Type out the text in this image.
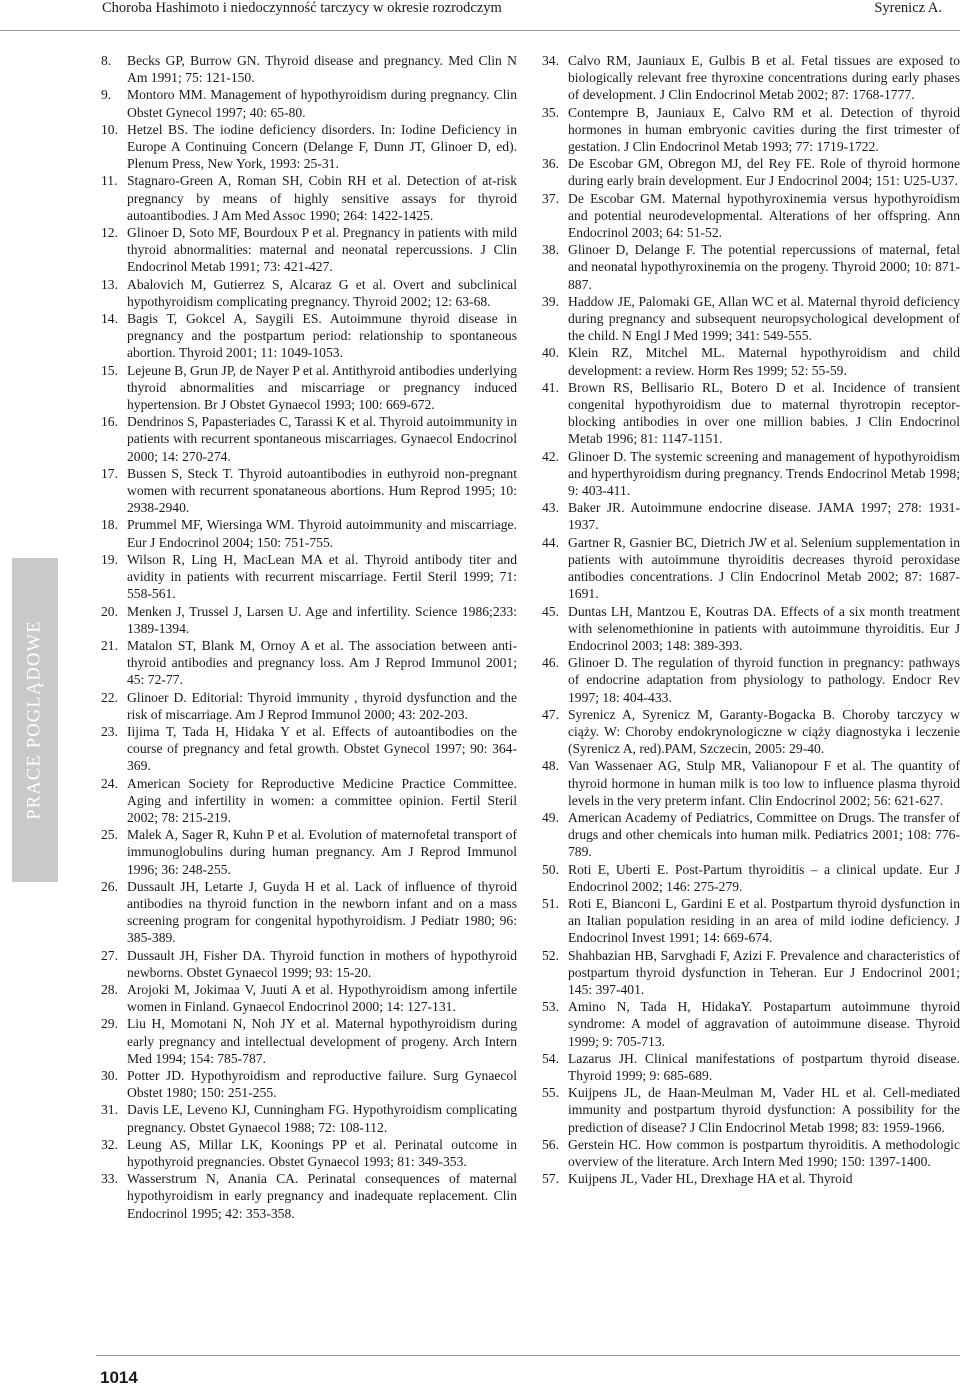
Choroba Hashimoto i niedoczynność tarczycy w okresie rozrodczym	Syrenicz A.
PRACE POGLĄDOWE
8. Becks GP, Burrow GN. Thyroid disease and pregnancy. Med Clin N Am 1991; 75: 121-150.
9. Montoro MM. Management of hypothyroidism during pregnancy. Clin Obstet Gynecol 1997; 40: 65-80.
10. Hetzel BS. The iodine deficiency disorders. In: Iodine Deficiency in Europe A Continuing Concern (Delange F, Dunn JT, Glinoer D, ed). Plenum Press, New York, 1993: 25-31.
11. Stagnaro-Green A, Roman SH, Cobin RH et al. Detection of at-risk pregnancy by means of highly sensitive assays for thyroid autoantibodies. J Am Med Assoc 1990; 264: 1422-1425.
12. Glinoer D, Soto MF, Bourdoux P et al. Pregnancy in patients with mild thyroid abnormalities: maternal and neonatal repercussions. J Clin Endocrinol Metab 1991; 73: 421-427.
13. Abalovich M, Gutierrez S, Alcaraz G et al. Overt and subclinical hypothyroidism complicating pregnancy. Thyroid 2002; 12: 63-68.
14. Bagis T, Gokcel A, Saygili ES. Autoimmune thyroid disease in pregnancy and the postpartum period: relationship to spontaneous abortion. Thyroid 2001; 11: 1049-1053.
15. Lejeune B, Grun JP, de Nayer P et al. Antithyroid antibodies underlying thyroid abnormalities and miscarriage or pregnancy induced hypertension. Br J Obstet Gynaecol 1993; 100: 669-672.
16. Dendrinos S, Papasteriades C, Tarassi K et al. Thyroid autoimmunity in patients with recurrent spontaneous miscarriages. Gynaecol Endocrinol 2000; 14: 270-274.
17. Bussen S, Steck T. Thyroid autoantibodies in euthyroid non-pregnant women with recurrent sponataneous abortions. Hum Reprod 1995; 10: 2938-2940.
18. Prummel MF, Wiersinga WM. Thyroid autoimmunity and miscarriage. Eur J Endocrinol 2004; 150: 751-755.
19. Wilson R, Ling H, MacLean MA et al. Thyroid antibody titer and avidity in patients with recurrent miscarriage. Fertil Steril 1999; 71: 558-561.
20. Menken J, Trussel J, Larsen U. Age and infertility. Science 1986;233: 1389-1394.
21. Matalon ST, Blank M, Ornoy A et al. The association between anti-thyroid antibodies and pregnancy loss. Am J Reprod Immunol 2001; 45: 72-77.
22. Glinoer D. Editorial: Thyroid immunity , thyroid dysfunction and the risk of miscarriage. Am J Reprod Immunol 2000; 43: 202-203.
23. Iijima T, Tada H, Hidaka Y et al. Effects of autoantibodies on the course of pregnancy and fetal growth. Obstet Gynecol 1997; 90: 364-369.
24. American Society for Reproductive Medicine Practice Committee. Aging and infertility in women: a committee opinion. Fertil Steril 2002; 78: 215-219.
25. Malek A, Sager R, Kuhn P et al. Evolution of maternofetal transport of immunoglobulins during human pregnancy. Am J Reprod Immunol 1996; 36: 248-255.
26. Dussault JH, Letarte J, Guyda H et al. Lack of influence of thyroid antibodies na thyroid function in the newborn infant and on a mass screening program for congenital hypothyroidism. J Pediatr 1980; 96: 385-389.
27. Dussault JH, Fisher DA. Thyroid function in mothers of hypothyroid newborns. Obstet Gynaecol 1999; 93: 15-20.
28. Arojoki M, Jokimaa V, Juuti A et al. Hypothyroidism among infertile women in Finland. Gynaecol Endocrinol 2000; 14: 127-131.
29. Liu H, Momotani N, Noh JY et al. Maternal hypothyroidism during early pregnancy and intellectual development of progeny. Arch Intern Med 1994; 154: 785-787.
30. Potter JD. Hypothyroidism and reproductive failure. Surg Gynaecol Obstet 1980; 150: 251-255.
31. Davis LE, Leveno KJ, Cunningham FG. Hypothyroidism complicating pregnancy. Obstet Gynaecol 1988; 72: 108-112.
32. Leung AS, Millar LK, Koonings PP et al. Perinatal outcome in hypothyroid pregnancies. Obstet Gynaecol 1993; 81: 349-353.
33. Wasserstrum N, Anania CA. Perinatal consequences of maternal hypothyroidism in early pregnancy and inadequate replacement. Clin Endocrinol 1995; 42: 353-358.
34. Calvo RM, Jauniaux E, Gulbis B et al. Fetal tissues are exposed to biologically relevant free thyroxine concentrations during early phases of development. J Clin Endocrinol Metab 2002; 87: 1768-1777.
35. Contempre B, Jauniaux E, Calvo RM et al. Detection of thyroid hormones in human embryonic cavities during the first trimester of gestation. J Clin Endocrinol Metab 1993; 77: 1719-1722.
36. De Escobar GM, Obregon MJ, del Rey FE. Role of thyroid hormone during early brain development. Eur J Endocrinol 2004; 151: U25-U37.
37. De Escobar GM. Maternal hypothyroxinemia versus hypothyroidism and potential neurodevelopmental. Alterations of her offspring. Ann Endocrinol 2003; 64: 51-52.
38. Glinoer D, Delange F. The potential repercussions of maternal, fetal and neonatal hypothyroxinemia on the progeny. Thyroid 2000; 10: 871-887.
39. Haddow JE, Palomaki GE, Allan WC et al. Maternal thyroid deficiency during pregnancy and subsequent neuropsychological development of the child. N Engl J Med 1999; 341: 549-555.
40. Klein RZ, Mitchel ML. Maternal hypothyroidism and child development: a review. Horm Res 1999; 52: 55-59.
41. Brown RS, Bellisario RL, Botero D et al. Incidence of transient congenital hypothyroidism due to maternal thyrotropin receptor-blocking antibodies in over one million babies. J Clin Endocrinol Metab 1996; 81: 1147-1151.
42. Glinoer D. The systemic screening and management of hypothyroidism and hyperthyroidism during pregnancy. Trends Endocrinol Metab 1998; 9: 403-411.
43. Baker JR. Autoimmune endocrine disease. JAMA 1997; 278: 1931-1937.
44. Gartner R, Gasnier BC, Dietrich JW et al. Selenium supplementation in patients with autoimmune thyroiditis decreases thyroid peroxidase antibodies concentrations. J Clin Endocrinol Metab 2002; 87: 1687-1691.
45. Duntas LH, Mantzou E, Koutras DA. Effects of a six month treatment with selenomethionine in patients with autoimmune thyroiditis. Eur J Endocrinol 2003; 148: 389-393.
46. Glinoer D. The regulation of thyroid function in pregnancy: pathways of endocrine adaptation from physiology to pathology. Endocr Rev 1997; 18: 404-433.
47. Syrenicz A, Syrenicz M, Garanty-Bogacka B. Choroby tarczycy w ciąży. W: Choroby endokrynologiczne w ciąży diagnostyka i leczenie (Syrenicz A, red).PAM, Szczecin, 2005: 29-40.
48. Van Wassenaer AG, Stulp MR, Valianopour F et al. The quantity of thyroid hormone in human milk is too low to influence plasma thyroid levels in the very preterm infant. Clin Endocrinol 2002; 56: 621-627.
49. American Academy of Pediatrics, Committee on Drugs. The transfer of drugs and other chemicals into human milk. Pediatrics 2001; 108: 776-789.
50. Roti E, Uberti E. Post-Partum thyroiditis – a clinical update. Eur J Endocrinol 2002; 146: 275-279.
51. Roti E, Bianconi L, Gardini E et al. Postpartum thyroid dysfunction in an Italian population residing in an area of mild iodine deficiency. J Endocrinol Invest 1991; 14: 669-674.
52. Shahbazian HB, Sarvghadi F, Azizi F. Prevalence and characteristics of postpartum thyroid dysfunction in Teheran. Eur J Endocrinol 2001; 145: 397-401.
53. Amino N, Tada H, HidakaY. Postapartum autoimmune thyroid syndrome: A model of aggravation of autoimmune disease. Thyroid 1999; 9: 705-713.
54. Lazarus JH. Clinical manifestations of postpartum thyroid disease. Thyroid 1999; 9: 685-689.
55. Kuijpens JL, de Haan-Meulman M, Vader HL et al. Cell-mediated immunity and postpartum thyroid dysfunction: A possibility for the prediction of disease? J Clin Endocrinol Metab 1998; 83: 1959-1966.
56. Gerstein HC. How common is postpartum thyroiditis. A methodologic overview of the literature. Arch Intern Med 1990; 150: 1397-1400.
57. Kuijpens JL, Vader HL, Drexhage HA et al. Thyroid
1014
